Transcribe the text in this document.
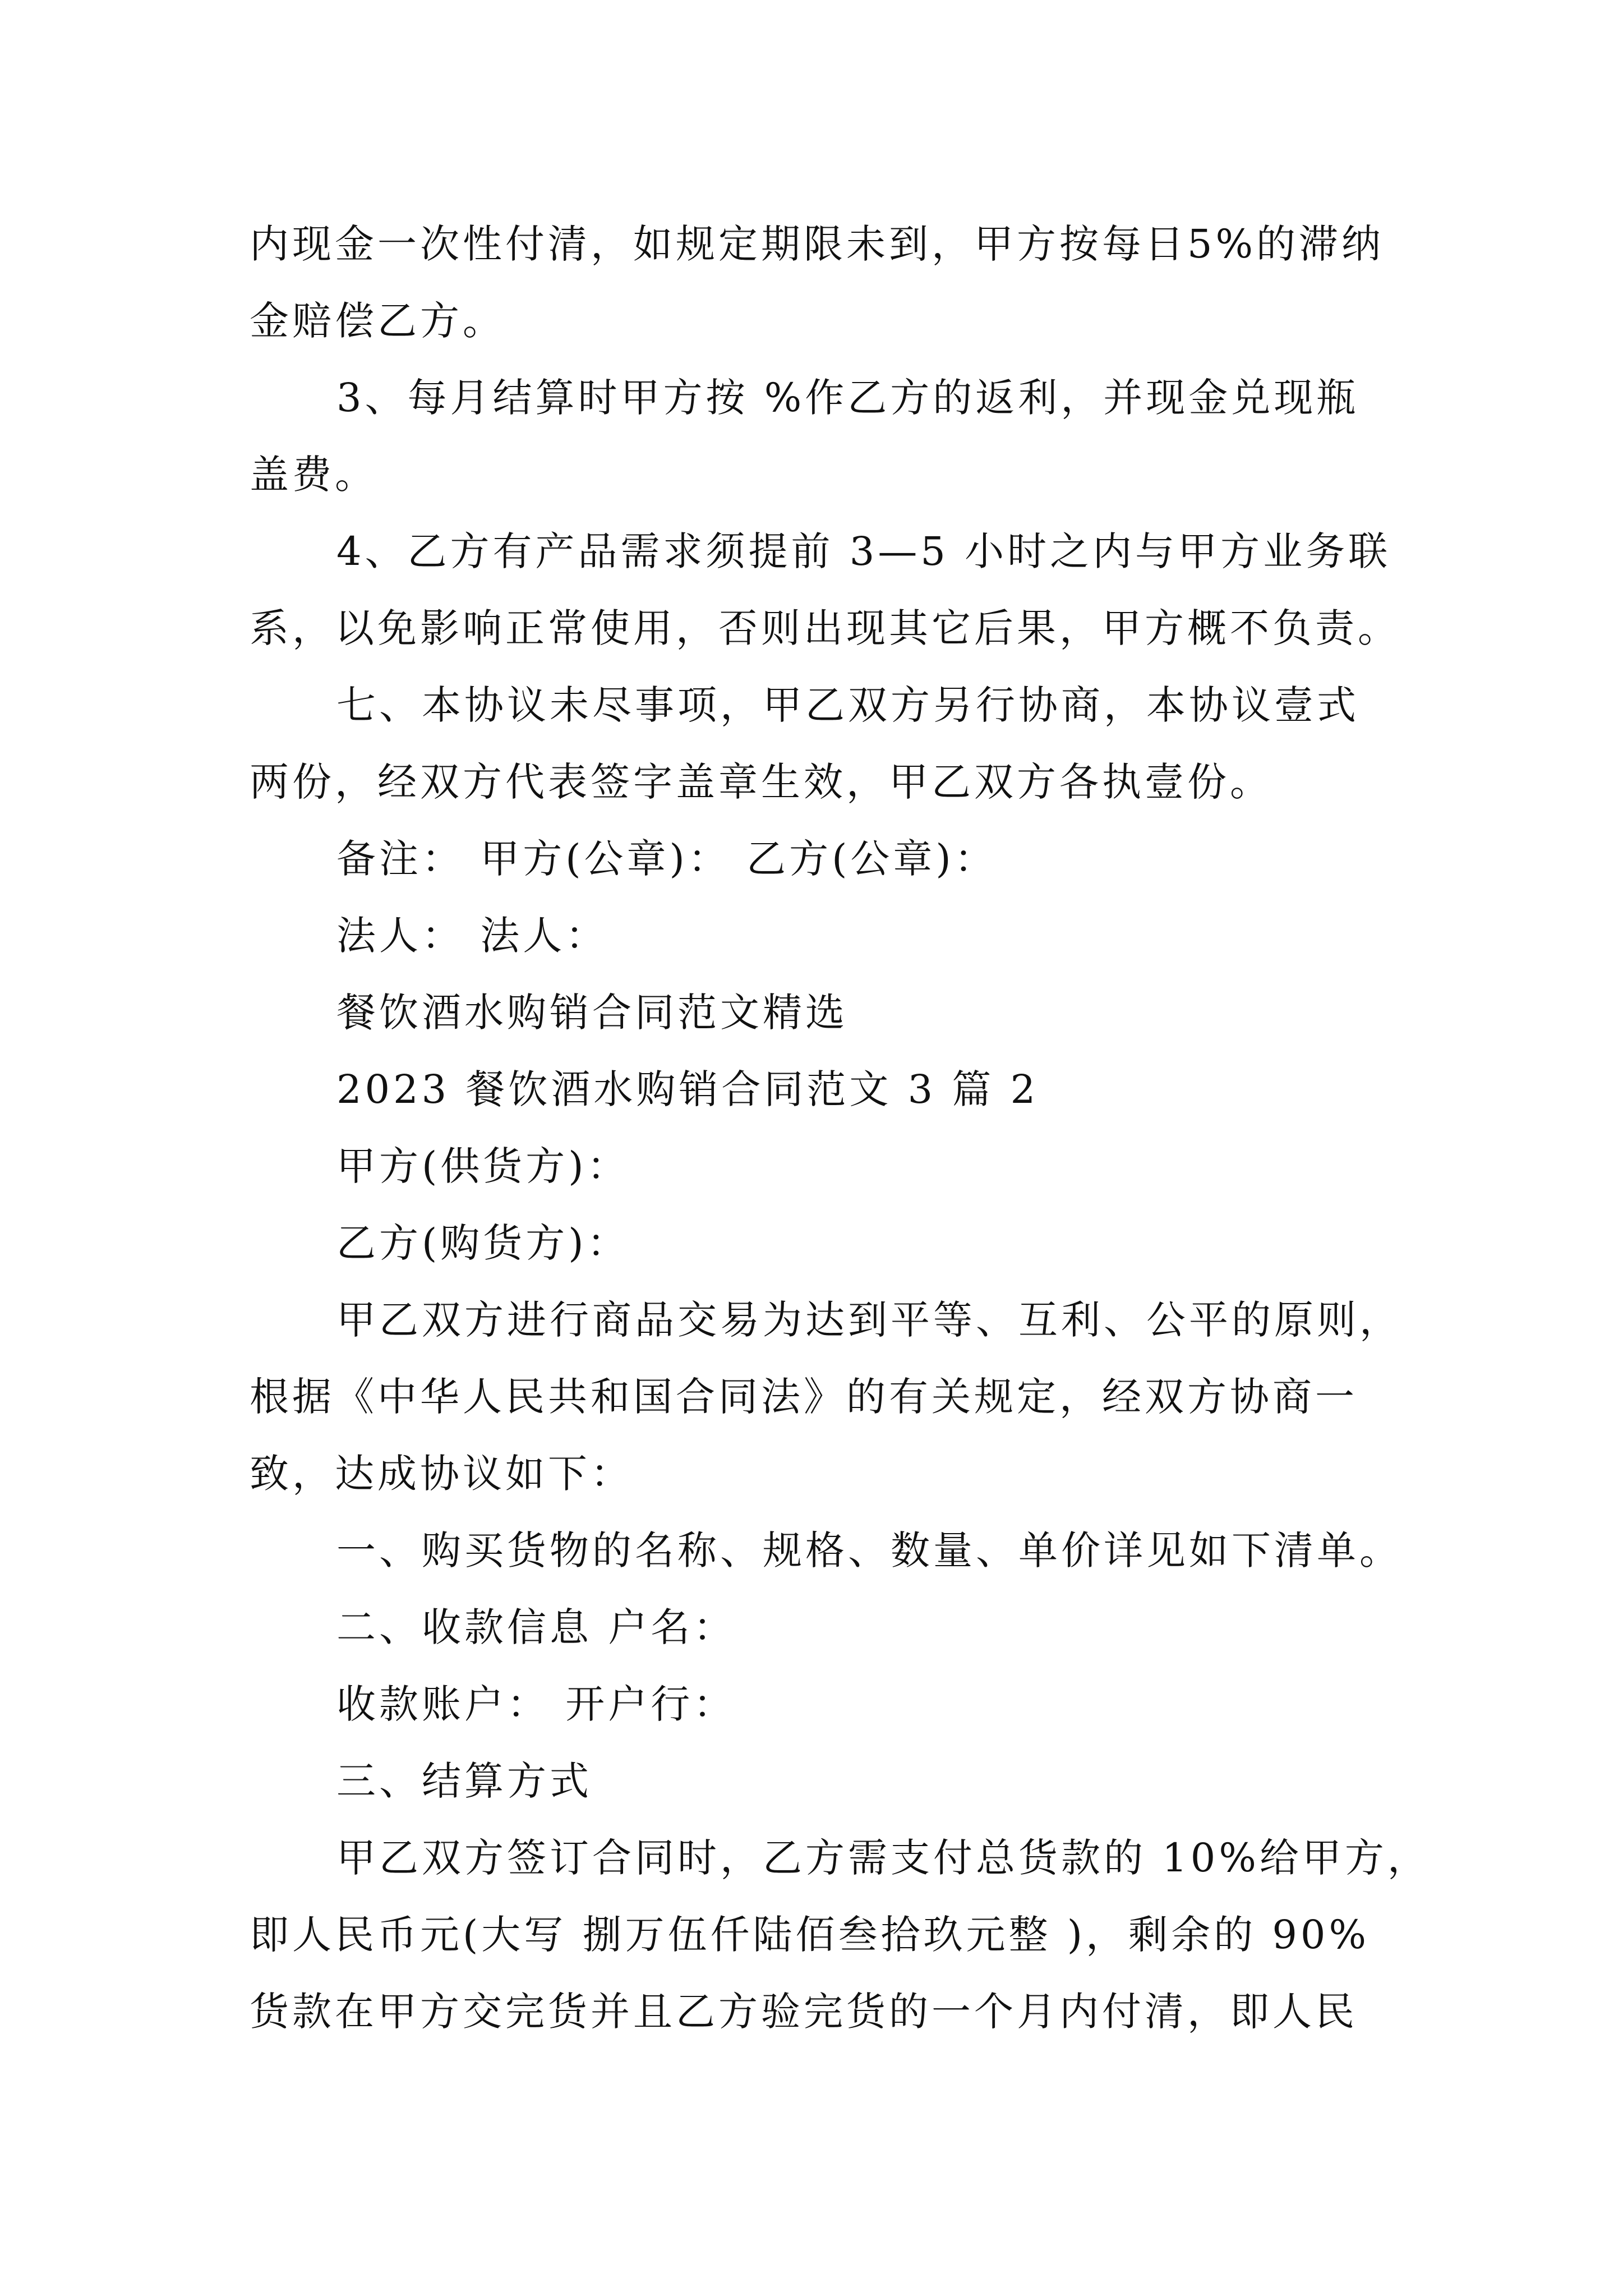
内现金一次性付清，如规定期限未到，甲方按每日5%的滞纳
金赔偿乙方。
3、每月结算时甲方按 %作乙方的返利，并现金兑现瓶
盖费。
4、乙方有产品需求须提前 3—5 小时之内与甲方业务联
系，以免影响正常使用，否则出现其它后果，甲方概不负责。
七、本协议未尽事项，甲乙双方另行协商，本协议壹式
两份，经双方代表签字盖章生效，甲乙双方各执壹份。
备注： 甲方(公章)： 乙方(公章)：
法人： 法人：
餐饮酒水购销合同范文精选
2023 餐饮酒水购销合同范文 3 篇 2
甲方(供货方)：
乙方(购货方)：
甲乙双方进行商品交易为达到平等、互利、公平的原则，
根据《中华人民共和国合同法》的有关规定，经双方协商一
致，达成协议如下：
一、购买货物的名称、规格、数量、单价详见如下清单。
二、收款信息 户名：
收款账户： 开户行：
三、结算方式
甲乙双方签订合同时，乙方需支付总货款的 10%给甲方，
即人民币元(大写 捌万伍仟陆佰叁拾玖元整 )，剩余的 90%
货款在甲方交完货并且乙方验完货的一个月内付清，即人民
